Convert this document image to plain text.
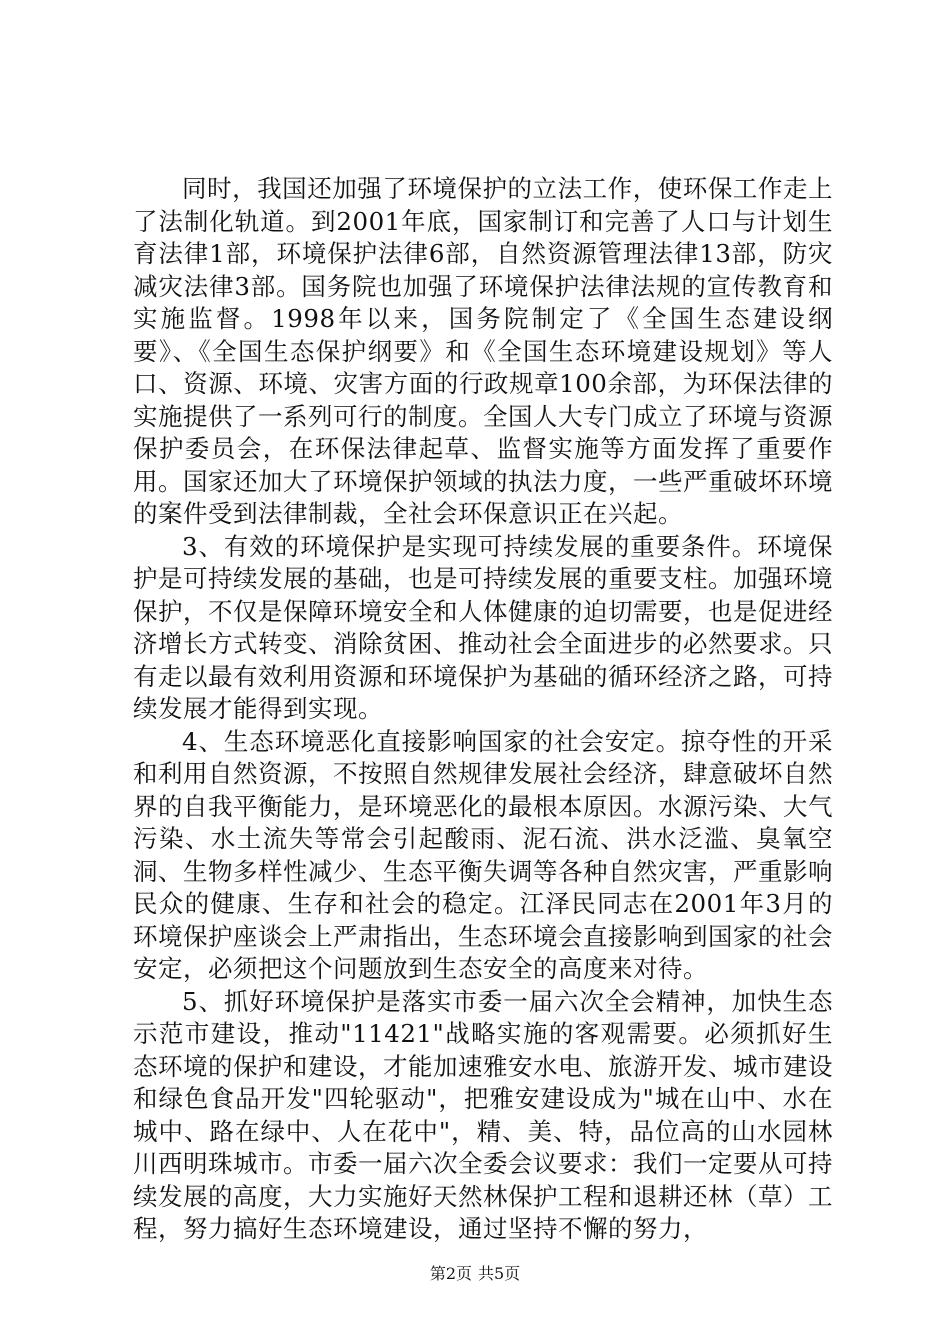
同时，我国还加强了环境保护的立法工作，使环保工作走上了法制化轨道。到2001年底，国家制订和完善了人口与计划生育法律1部，环境保护法律6部，自然资源管理法律13部，防灾减灾法律3部。国务院也加强了环境保护法律法规的宣传教育和实施监督。1998年以来，国务院制定了《全国生态建设纲要》、《全国生态保护纲要》和《全国生态环境建设规划》等人口、资源、环境、灾害方面的行政规章100余部，为环保法律的实施提供了一系列可行的制度。全国人大专门成立了环境与资源保护委员会，在环保法律起草、监督实施等方面发挥了重要作用。国家还加大了环境保护领域的执法力度，一些严重破坏环境的案件受到法律制裁，全社会环保意识正在兴起。

3、有效的环境保护是实现可持续发展的重要条件。环境保护是可持续发展的基础，也是可持续发展的重要支柱。加强环境保护，不仅是保障环境安全和人体健康的迫切需要，也是促进经济增长方式转变、消除贫困、推动社会全面进步的必然要求。只有走以最有效利用资源和环境保护为基础的循环经济之路，可持续发展才能得到实现。

4、生态环境恶化直接影响国家的社会安定。掠夺性的开采和利用自然资源，不按照自然规律发展社会经济，肆意破坏自然界的自我平衡能力，是环境恶化的最根本原因。水源污染、大气污染、水土流失等常会引起酸雨、泥石流、洪水泛滥、臭氧空洞、生物多样性减少、生态平衡失调等各种自然灾害，严重影响民众的健康、生存和社会的稳定。江泽民同志在2001年3月的环境保护座谈会上严肃指出，生态环境会直接影响到国家的社会安定，必须把这个问题放到生态安全的高度来对待。

5、抓好环境保护是落实市委一届六次全会精神，加快生态示范市建设，推动"11421"战略实施的客观需要。必须抓好生态环境的保护和建设，才能加速雅安水电、旅游开发、城市建设和绿色食品开发"四轮驱动"，把雅安建设成为"城在山中、水在城中、路在绿中、人在花中"，精、美、特，品位高的山水园林川西明珠城市。市委一届六次全委会议要求：我们一定要从可持续发展的高度，大力实施好天然林保护工程和退耕还林（草）工程，努力搞好生态环境建设，通过坚持不懈的努力，

第2页 共5页
